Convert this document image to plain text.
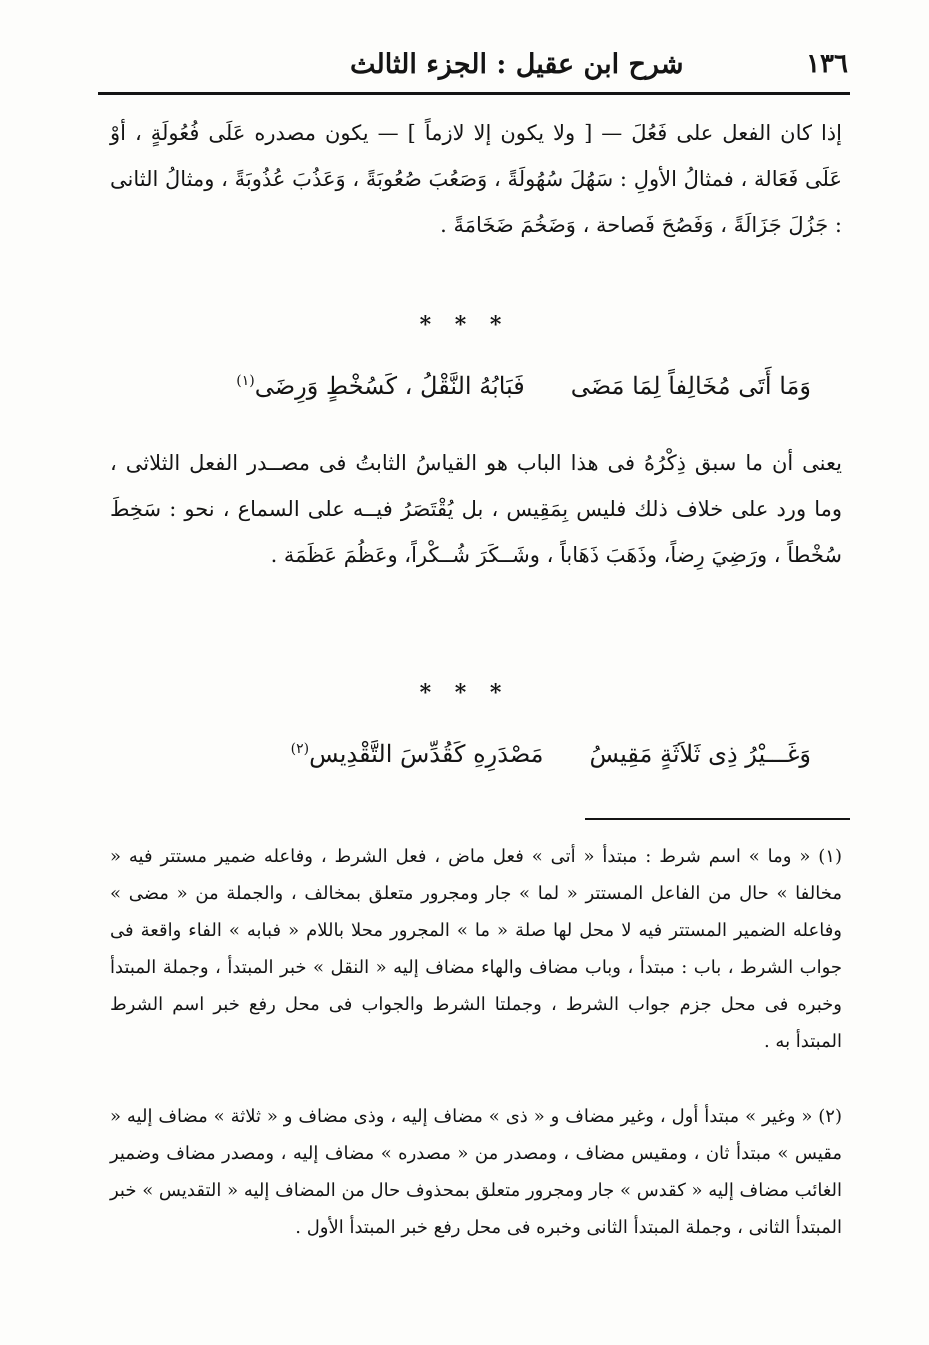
شرح ابن عقيل : الجزء الثالث	١٣٦

إذا كان الفعل على فَعُلَ — [ ولا يكون إلا لازماً ] — يكون مصدره عَلَى فُعُولَةٍ ، أوْ عَلَى فَعَالة ، فمثالُ الأولِ : سَهُلَ سُهُولَةً ، وَصَعُبَ صُعُوبَةً ، وَعَذُبَ عُذُوبَةً ، ومثالُ الثانى : جَزُلَ جَزَالَةً ، وَفَصُحَ فَصاحة ، وَضَخُمَ ضَخَامَةً .

* * *
وَمَا أَتَى مُخَالِفاً لِمَا مَضَى
فَبَابُهُ النَّقْلُ ، كَسُخْطٍ وَرِضَى$^{(١)}$

يعنى أن ما سبق ذِكْرُهُ فى هذا الباب هو القياسُ الثابتُ فى مصــدر الفعل الثلاثى ، وما ورد على خلاف ذلك فليس بِمَقِيس ، بل يُقْتَصَرُ فيــه على السماع ، نحو : سَخِطَ سُخْطاً ، ورَضِيَ رِضاً، وذَهَبَ ذَهَاباً ، وشَــكَرَ شُــكْراً، وعَظُمَ عَظَمَة .

* * *
وَغَـــيْرُ ذِى ثَلاَثَةٍ مَقِيسُ
مَصْدَرِهِ كَقُدِّسَ التَّقْدِيس$^{(٢)}$

(١) « وما » اسم شرط : مبتدأ « أتى » فعل ماض ، فعل الشرط ، وفاعله ضمير مستتر فيه « مخالفا » حال من الفاعل المستتر « لما » جار ومجرور متعلق بمخالف ، والجملة من « مضى » وفاعله الضمير المستتر فيه لا محل لها صلة « ما » المجرور محلا باللام « فبابه » الفاء واقعة فى جواب الشرط ، باب : مبتدأ ، وباب مضاف والهاء مضاف إليه « النقل » خبر المبتدأ ، وجملة المبتدأ وخبره فى محل جزم جواب الشرط ، وجملتا الشرط والجواب فى محل رفع خبر اسم الشرط المبتدأ به .

(٢) « وغير » مبتدأ أول ، وغير مضاف و « ذى » مضاف إليه ، وذى مضاف و « ثلاثة » مضاف إليه « مقيس » مبتدأ ثان ، ومقيس مضاف ، ومصدر من « مصدره » مضاف إليه ، ومصدر مضاف وضمير الغائب مضاف إليه « كقدس » جار ومجرور متعلق بمحذوف حال من المضاف إليه « التقديس » خبر المبتدأ الثانى ، وجملة المبتدأ الثانى وخبره فى محل رفع خبر المبتدأ الأول .
